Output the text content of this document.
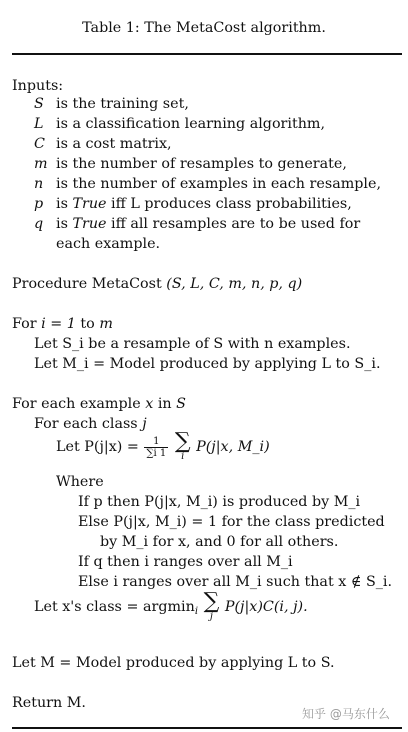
Table 1: The MetaCost algorithm.
Inputs:
S is the training set,
L is a classification learning algorithm,
C is a cost matrix,
m is the number of resamples to generate,
n is the number of examples in each resample,
p is True iff L produces class probabilities,
q is True iff all resamples are to be used for
each example.
Procedure MetaCost (S, L, C, m, n, p, q)
For i = 1 to m
Let S_i be a resample of S with n examples.
Let M_i = Model produced by applying L to S_i.
For each example x in S
For each class j
Let $P(j|x) = \frac{1}{\sum i 1}$
∑
i
P(j|x, M_i)
Where
If p then P(j|x, M_i) is produced by M_i
Else P(j|x, M_i) = 1 for the class predicted
by M_i for x, and 0 for all others.
If q then i ranges over all M_i
Else i ranges over all M_i such that x ∉ S_i.
Let x's class = argmin$_i$ ∑
j
P(j|x)C(i, j).
Let M = Model produced by applying L to S.
Return M.
知乎 @马东什么
